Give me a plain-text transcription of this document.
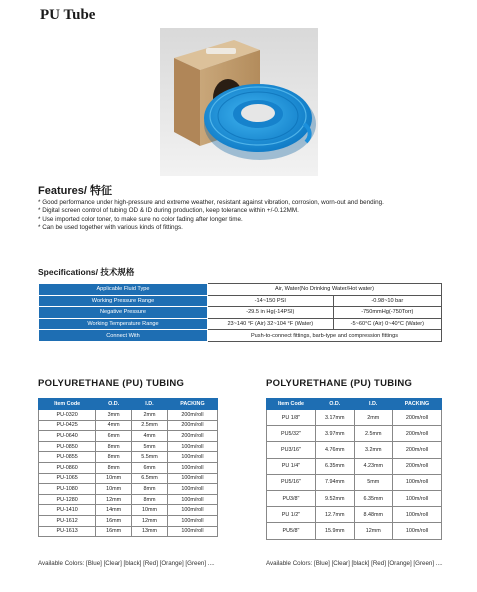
PU Tube
Features/ 特征
* Good performance under high-pressure and extreme weather, resistant against vibration, corrosion, worn-out and bending.
* Digital screen control of tubing OD & ID during production, keep tolerance within +/-0.12MM.
* Use imported color toner, to make sure no color fading after longer time.
* Can be used together with various kinds of fittings.
Specifications/ 技术规格
Applicable Fluid Type	Air, Water(No Drinking Water/Hot water)	
Working Pressure Range	-14~150 PSI	-0.98~10 bar
Negative Pressure	-29.5 in Hg(-14PSI)	-750mmHg(-750Torr)
Working Temperature Range	23~140 °F (Air) 32~104 °F (Water)	-5~60°C (Air) 0~40°C (Water)
Connect With	Push-to-connect fittings, barb-type and compression fittings	
POLYURETHANE (PU) TUBING
Item Code	O.D.	I.D.	PACKING
PU-0320	3mm	2mm	200m/roll
PU-0425	4mm	2.5mm	200m/roll
PU-0640	6mm	4mm	200m/roll
PU-0850	8mm	5mm	100m/roll
PU-0855	8mm	5.5mm	100m/roll
PU-0860	8mm	6mm	100m/roll
PU-1065	10mm	6.5mm	100m/roll
PU-1080	10mm	8mm	100m/roll
PU-1280	12mm	8mm	100m/roll
PU-1410	14mm	10mm	100m/roll
PU-1612	16mm	12mm	100m/roll
PU-1613	16mm	13mm	100m/roll
Available Colors: [Blue] [Clear] [black] [Red] [Orange] [Green] ....
POLYURETHANE (PU) TUBING
Item Code	O.D.	I.D.	PACKING
PU 1/8"	3.17mm	2mm	200m/roll
PU5/32"	3.97mm	2.5mm	200m/roll
PU3/16"	4.76mm	3.2mm	200m/roll
PU 1/4"	6.35mm	4.23mm	200m/roll
PU5/16"	7.94mm	5mm	100m/roll
PU3/8"	9.52mm	6.35mm	100m/roll
PU 1/2"	12.7mm	8.48mm	100m/roll
PU5/8"	15.9mm	12mm	100m/roll
Available Colors: [Blue] [Clear] [black] [Red] [Orange] [Green] ....
